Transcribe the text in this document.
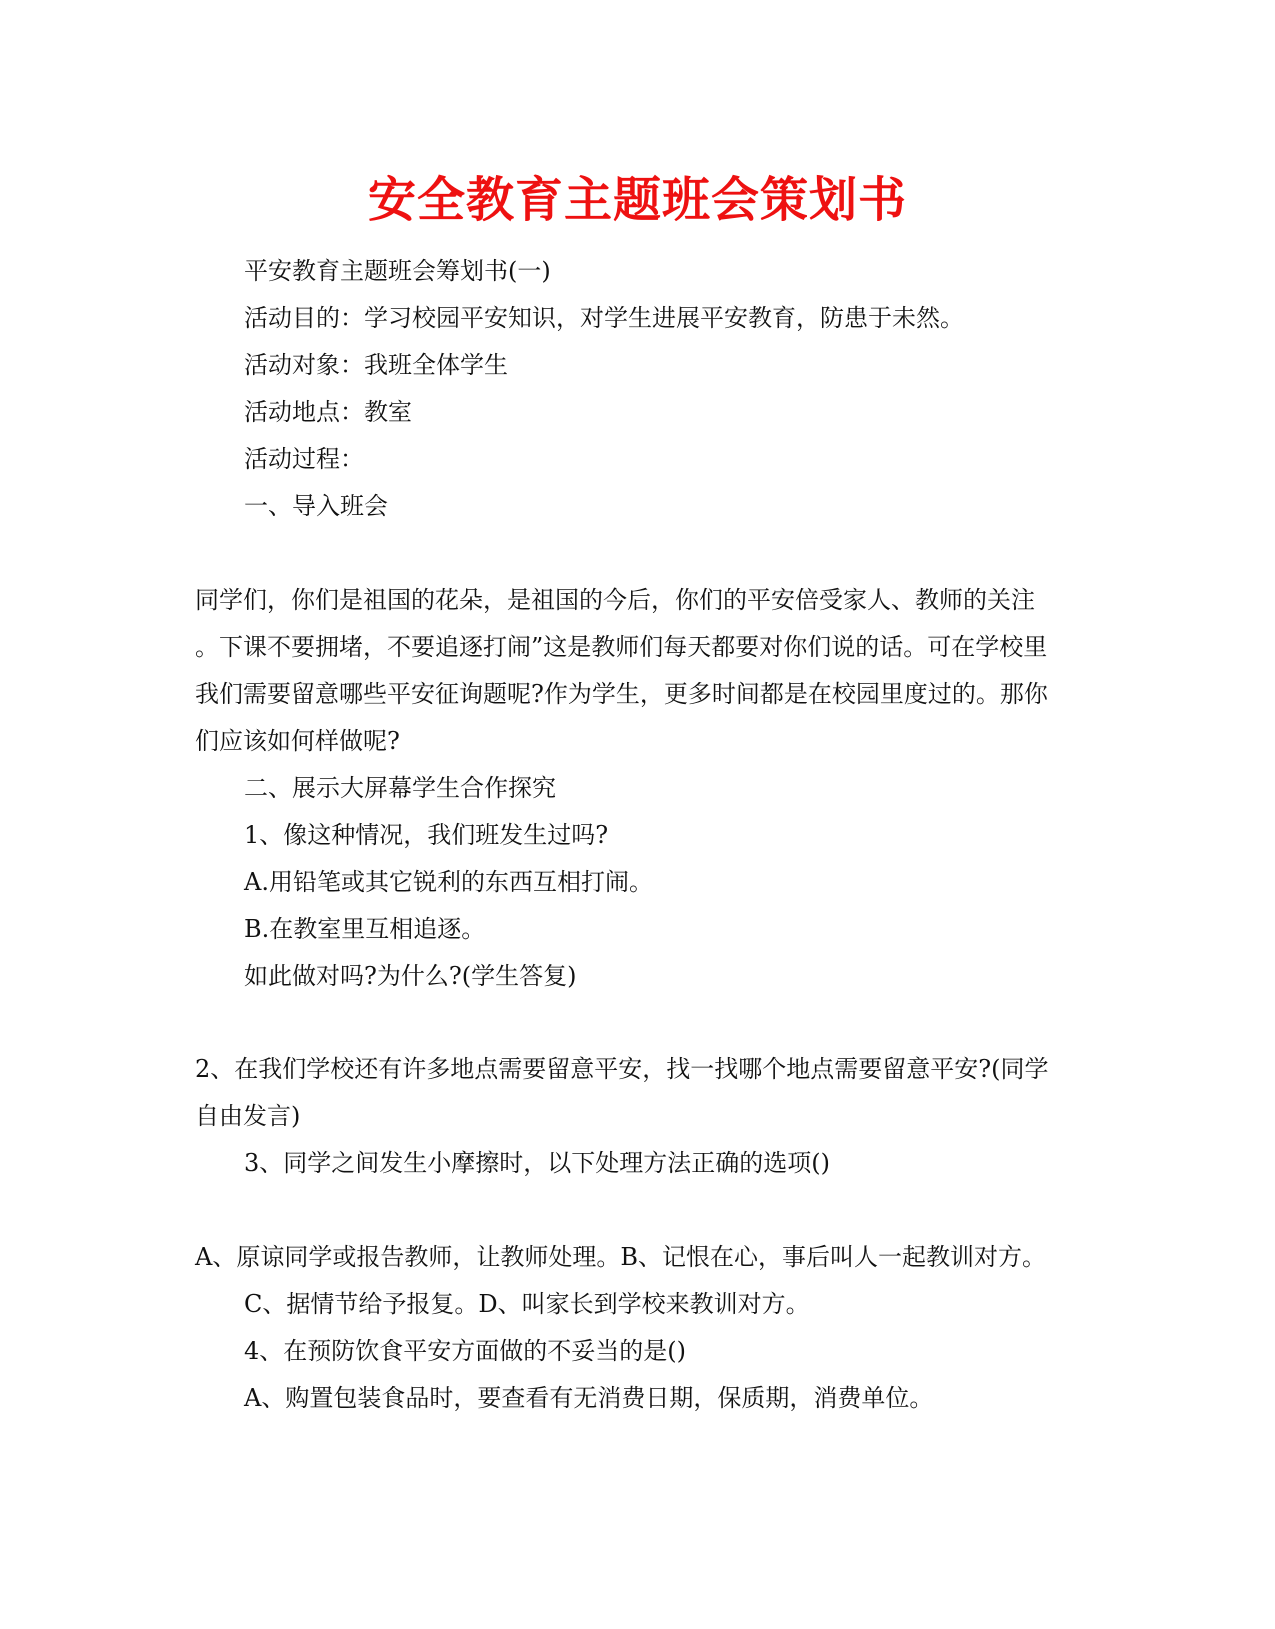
安全教育主题班会策划书
平安教育主题班会筹划书(一)
活动目的：学习校园平安知识，对学生进展平安教育，防患于未然。
活动对象：我班全体学生
活动地点：教室
活动过程：
一、导入班会
同学们，你们是祖国的花朵，是祖国的今后，你们的平安倍受家人、教师的关注
。下课不要拥堵，不要追逐打闹”这是教师们每天都要对你们说的话。可在学校里
我们需要留意哪些平安征询题呢?作为学生，更多时间都是在校园里度过的。那你
们应该如何样做呢?
二、展示大屏幕学生合作探究
1、像这种情况，我们班发生过吗?
A.用铅笔或其它锐利的东西互相打闹。
B.在教室里互相追逐。
如此做对吗?为什么?(学生答复)
2、在我们学校还有许多地点需要留意平安，找一找哪个地点需要留意平安?(同学
自由发言)
3、同学之间发生小摩擦时，以下处理方法正确的选项()
A、原谅同学或报告教师，让教师处理。B、记恨在心，事后叫人一起教训对方。
C、据情节给予报复。D、叫家长到学校来教训对方。
4、在预防饮食平安方面做的不妥当的是()
A、购置包装食品时，要查看有无消费日期，保质期，消费单位。
